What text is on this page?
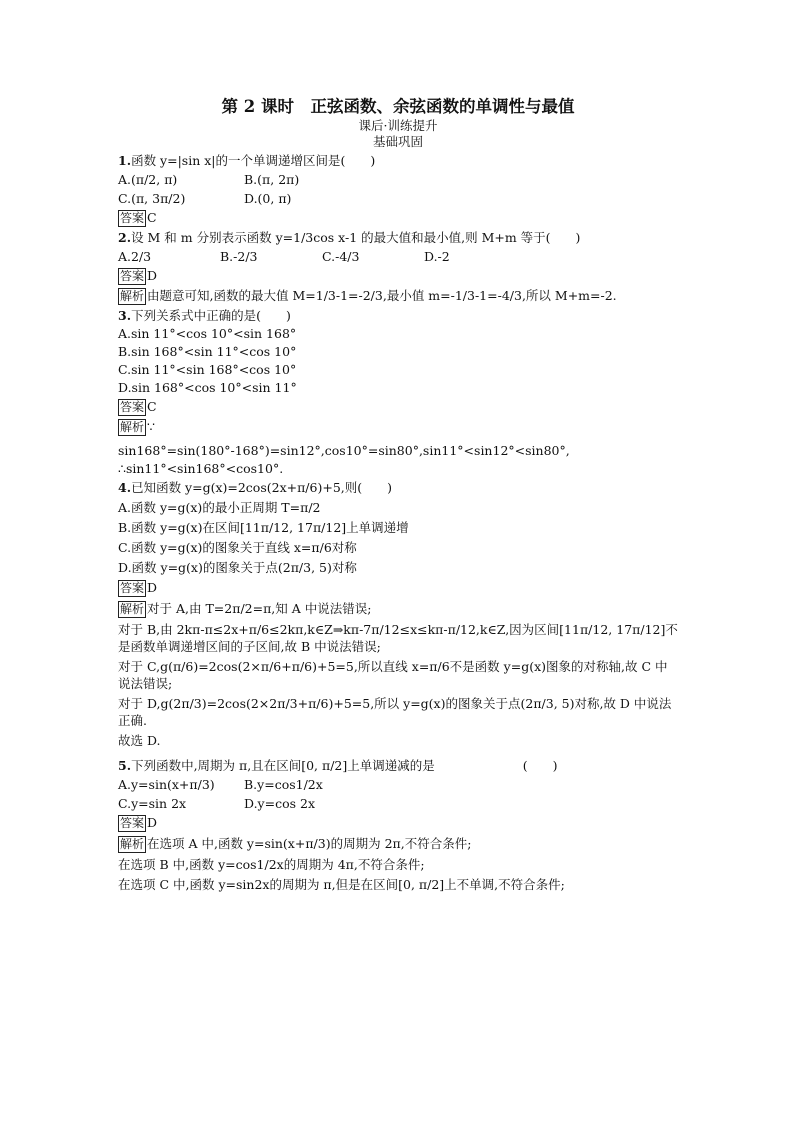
第 2 课时　正弦函数、余弦函数的单调性与最值

课后·训练提升

基础巩固

1.函数 y=|sin x|的一个单调递增区间是(　　)
A.(π/2, π)	B.(π, 2π)
C.(π, 3π/2)	D.(0, π)
答案 C
2.设 M 和 m 分别表示函数 y=1/3cos x-1 的最大值和最小值,则 M+m 等于(　　)
A.2/3	B.-2/3	C.-4/3	D.-2
答案 D
解析 由题意可知,函数的最大值 M=1/3-1=-2/3,最小值 m=-1/3-1=-4/3,所以 M+m=-2.
3.下列关系式中正确的是(　　)
A.sin 11°<cos 10°<sin 168°
B.sin 168°<sin 11°<cos 10°
C.sin 11°<sin 168°<cos 10°
D.sin 168°<cos 10°<sin 11°
答案 C
解析 ∵
sin168°=sin(180°-168°)=sin12°,cos10°=sin80°,sin11°<sin12°<sin80°,
∴sin11°<sin168°<cos10°.
4.已知函数 y=g(x)=2cos(2x+π/6)+5,则(　　)
A.函数 y=g(x)的最小正周期 T=π/2
B.函数 y=g(x)在区间[11π/12, 17π/12]上单调递增
C.函数 y=g(x)的图象关于直线 x=π/6对称
D.函数 y=g(x)的图象关于点(2π/3, 5)对称
答案 D
解析 对于 A,由 T=2π/2=π,知 A 中说法错误;
对于 B,由 2kπ-π≤2x+π/6≤2kπ,k∈Z⇒kπ-7π/12≤x≤kπ-π/12,k∈Z,因为区间[11π/12, 17π/12]不是函数单调递增区间的子区间,故 B 中说法错误;
对于 C,g(π/6)=2cos(2×π/6+π/6)+5=5,所以直线 x=π/6不是函数 y=g(x)图象的对称轴,故 C 中说法错误;
对于 D,g(2π/3)=2cos(2×2π/3+π/6)+5=5,所以 y=g(x)的图象关于点(2π/3, 5)对称,故 D 中说法正确.
故选 D.
5.下列函数中,周期为 π,且在区间[0, π/2]上单调递减的是	(　　)
A.y=sin(x+π/3)	B.y=cos1/2x
C.y=sin 2x	D.y=cos 2x
答案 D
解析 在选项 A 中,函数 y=sin(x+π/3)的周期为 2π,不符合条件;
在选项 B 中,函数 y=cos1/2x的周期为 4π,不符合条件;
在选项 C 中,函数 y=sin2x的周期为 π,但是在区间[0, π/2]上不单调,不符合条件;
